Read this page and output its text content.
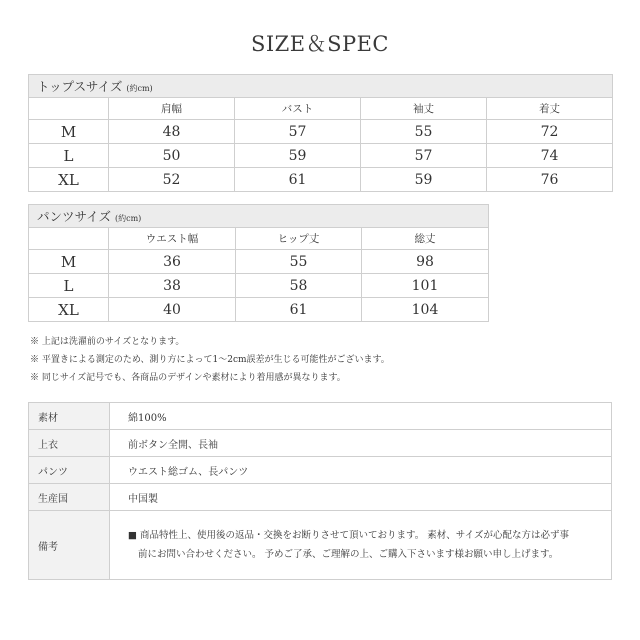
SIZE＆SPEC
トップスサイズ (約cm)				
	肩幅	バスト	袖丈	着丈
M	48	57	55	72
L	50	59	57	74
XL	52	61	59	76
パンツサイズ (約cm)			
	ウエスト幅	ヒップ丈	総丈
M	36	55	98
L	38	58	101
XL	40	61	104
※ 上記は洗濯前のサイズとなります。
※ 平置きによる測定のため、測り方によって1～2cm誤差が生じる可能性がございます。
※ 同じサイズ記号でも、各商品のデザインや素材により着用感が異なります。
素材	綿100%
上衣	前ボタン全開、長袖
パンツ	ウエスト総ゴム、長パンツ
生産国	中国製
備考	■ 商品特性上、使用後の返品・交換をお断りさせて頂いております。 素材、サイズが心配な方は必ず事
前にお問い合わせください。 予めご了承、ご理解の上、ご購入下さいます様お願い申し上げます。
